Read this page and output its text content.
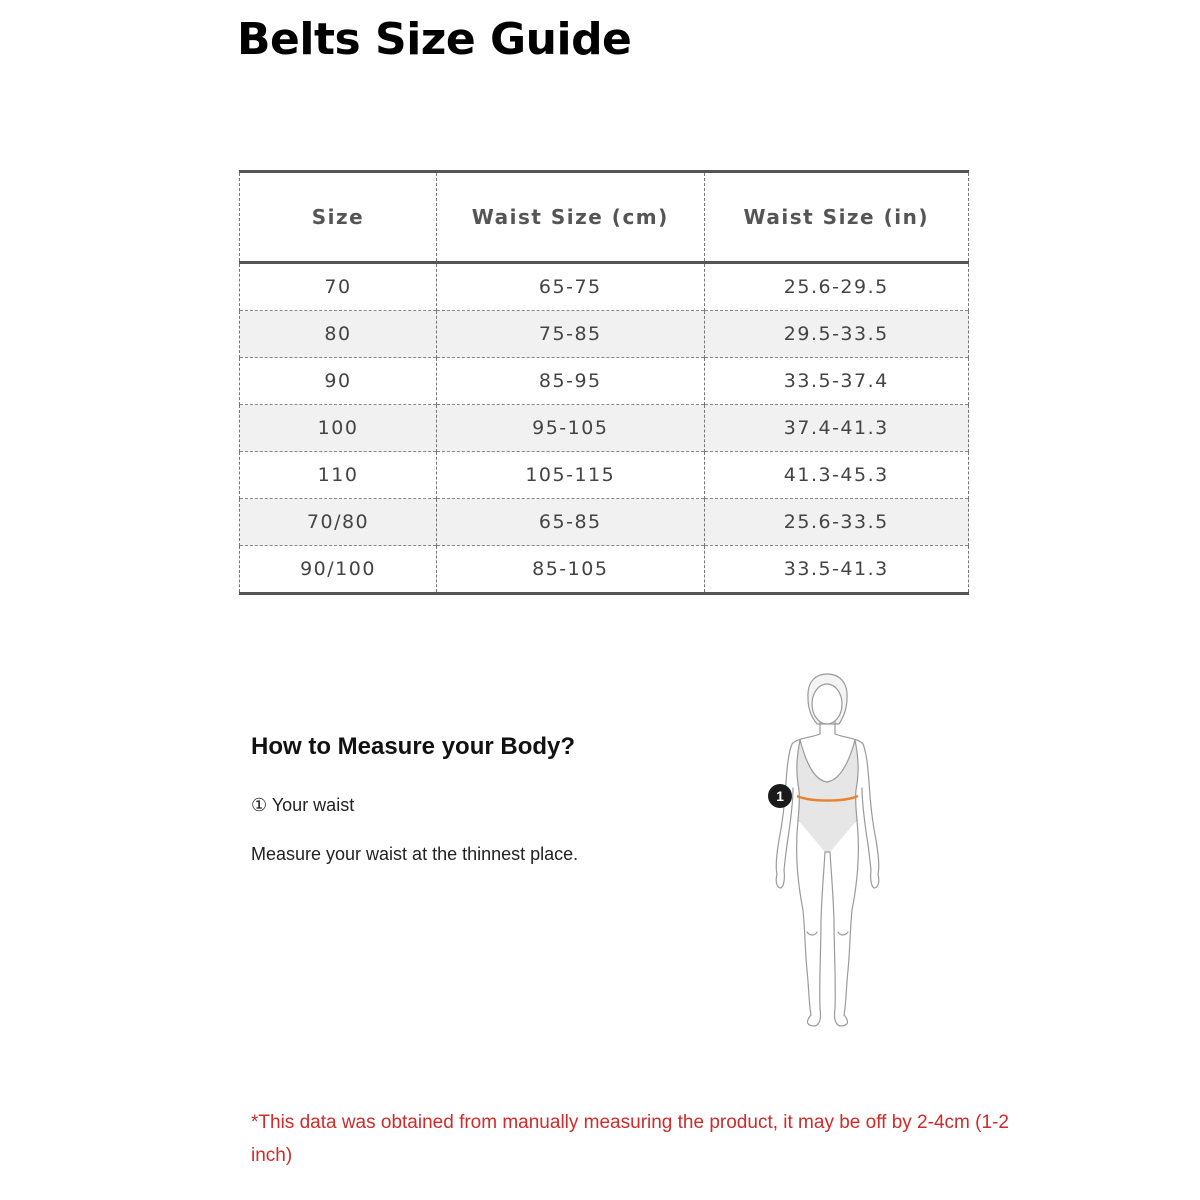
Belts Size Guide
Size	Waist Size (cm)	Waist Size (in)
70	65-75	25.6-29.5
80	75-85	29.5-33.5
90	85-95	33.5-37.4
100	95-105	37.4-41.3
110	105-115	41.3-45.3
70/80	65-85	25.6-33.5
90/100	85-105	33.5-41.3
How to Measure your Body?
① Your waist
Measure your waist at the thinnest place.
1
*This data was obtained from manually measuring the product, it may be off by 2-4cm (1-2 inch)
